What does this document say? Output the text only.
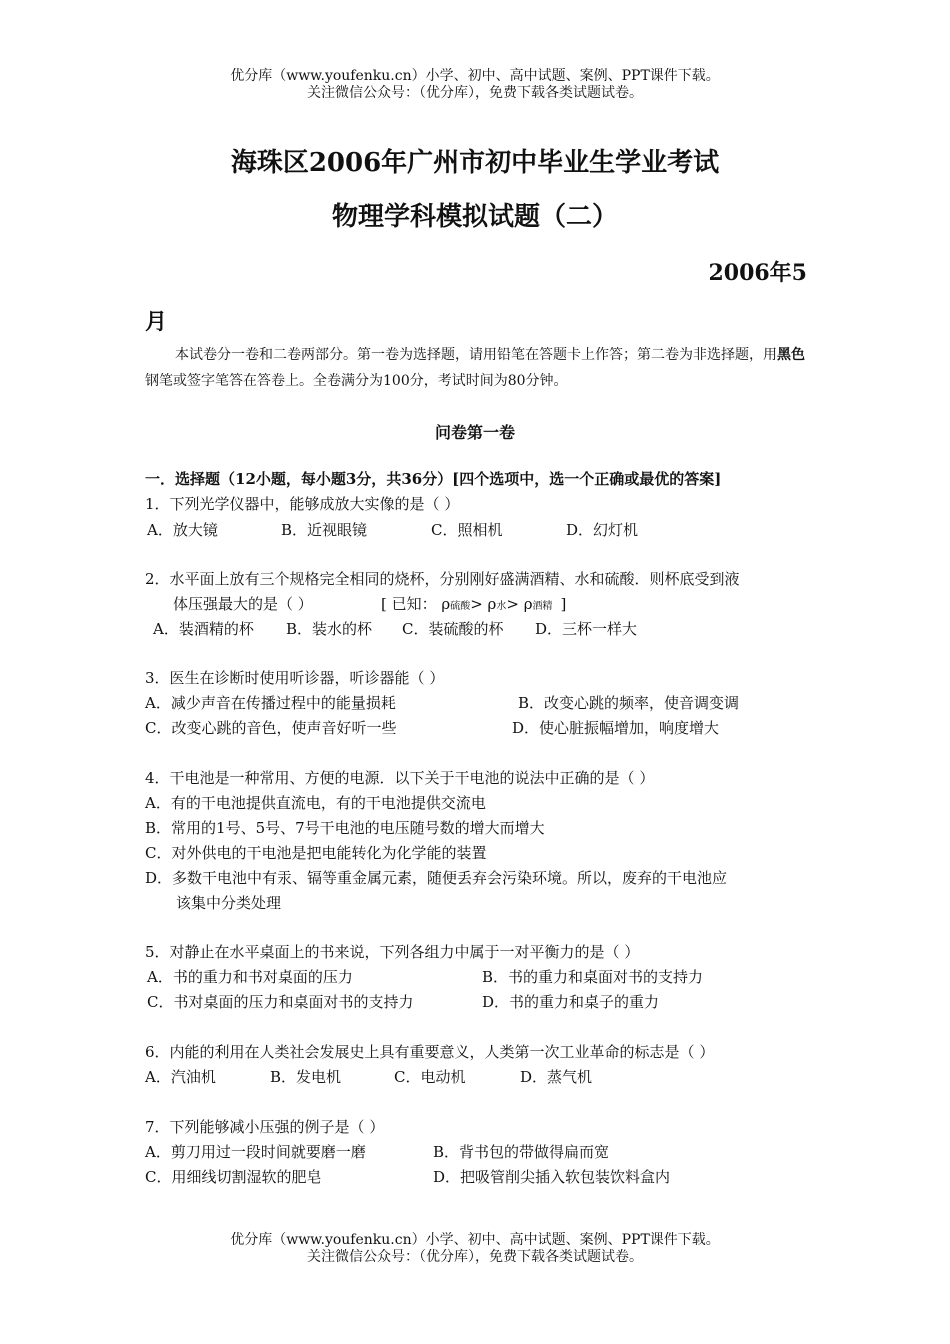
优分库（www.youfenku.cn）小学、初中、高中试题、案例、PPT课件下载。
关注微信公众号：（优分库），免费下载各类试题试卷。
海珠区2006年广州市初中毕业生学业考试
物理学科模拟试题（二）
2006年5
月
本试卷分一卷和二卷两部分。第一卷为选择题，请用铅笔在答题卡上作答；第二卷为非选择题，用黑色钢笔或签字笔答在答卷上。全卷满分为100分，考试时间为80分钟。
问卷第一卷
一．选择题（12小题，每小题3分，共36分）[四个选项中，选一个正确或最优的答案]
1．下列光学仪器中，能够成放大实像的是（ ）
A．放大镜	B．近视眼镜	C．照相机	D．幻灯机
2．水平面上放有三个规格完全相同的烧杯，分别刚好盛满酒精、水和硫酸．则杯底受到液
体压强最大的是（ ）	[ 已知： ρ硫酸> ρ水> ρ酒精 ]
A．装酒精的杯 B．装水的杯 C．装硫酸的杯 D．三杯一样大
3．医生在诊断时使用听诊器，听诊器能（ ）
A．减少声音在传播过程中的能量损耗	B．改变心跳的频率，使音调变调
C．改变心跳的音色，使声音好听一些	D．使心脏振幅增加，响度增大
4．干电池是一种常用、方便的电源．以下关于干电池的说法中正确的是（ ）
A．有的干电池提供直流电，有的干电池提供交流电
B．常用的1号、5号、7号干电池的电压随号数的增大而增大
C．对外供电的干电池是把电能转化为化学能的装置
D．多数干电池中有汞、镉等重金属元素，随便丢弃会污染环境。所以，废弃的干电池应
该集中分类处理
5．对静止在水平桌面上的书来说，下列各组力中属于一对平衡力的是（ ）
A．书的重力和书对桌面的压力	B．书的重力和桌面对书的支持力
C．书对桌面的压力和桌面对书的支持力	D．书的重力和桌子的重力
6．内能的利用在人类社会发展史上具有重要意义，人类第一次工业革命的标志是（ ）
A．汽油机	B．发电机	C．电动机	D．蒸气机
7．下列能够减小压强的例子是（ ）
A．剪刀用过一段时间就要磨一磨	B．背书包的带做得扁而宽
C．用细线切割湿软的肥皂	D．把吸管削尖插入软包装饮料盒内
优分库（www.youfenku.cn）小学、初中、高中试题、案例、PPT课件下载。
关注微信公众号：（优分库），免费下载各类试题试卷。
